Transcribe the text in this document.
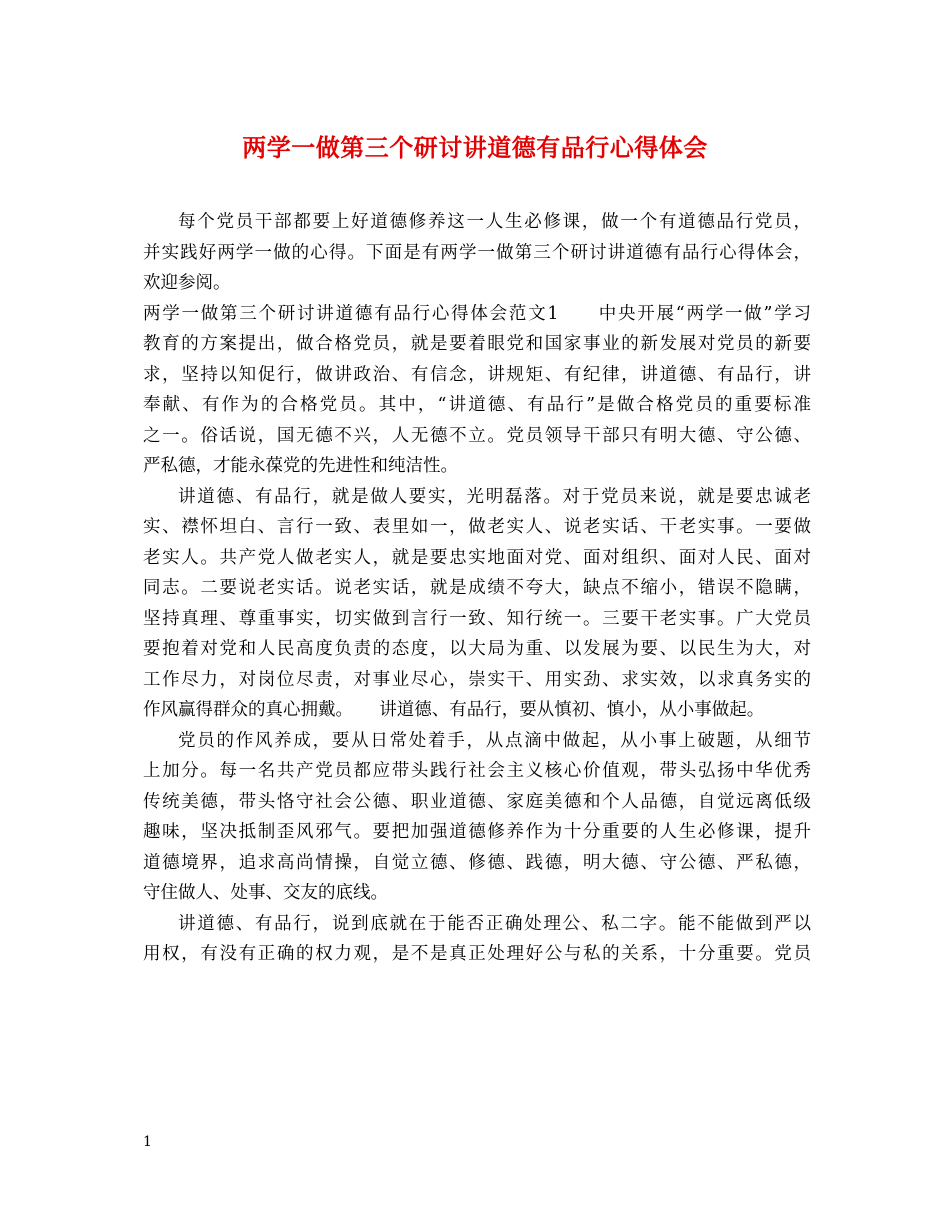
两学一做第三个研讨讲道德有品行心得体会
每个党员干部都要上好道德修养这一人生必修课，做一个有道德品行党员，
并实践好两学一做的心得。下面是有两学一做第三个研讨讲道德有品行心得体会，
欢迎参阅。
两学一做第三个研讨讲道德有品行心得体会范文1　　中央开展“两学一做”学习
教育的方案提出，做合格党员，就是要着眼党和国家事业的新发展对党员的新要
求，坚持以知促行，做讲政治、有信念，讲规矩、有纪律，讲道德、有品行，讲
奉献、有作为的合格党员。其中，“讲道德、有品行”是做合格党员的重要标准
之一。俗话说，国无德不兴，人无德不立。党员领导干部只有明大德、守公德、
严私德，才能永葆党的先进性和纯洁性。
讲道德、有品行，就是做人要实，光明磊落。对于党员来说，就是要忠诚老
实、襟怀坦白、言行一致、表里如一，做老实人、说老实话、干老实事。一要做
老实人。共产党人做老实人，就是要忠实地面对党、面对组织、面对人民、面对
同志。二要说老实话。说老实话，就是成绩不夸大，缺点不缩小，错误不隐瞒，
坚持真理、尊重事实，切实做到言行一致、知行统一。三要干老实事。广大党员
要抱着对党和人民高度负责的态度，以大局为重、以发展为要、以民生为大，对
工作尽力，对岗位尽责，对事业尽心，崇实干、用实劲、求实效，以求真务实的
作风赢得群众的真心拥戴。　　讲道德、有品行，要从慎初、慎小，从小事做起。
党员的作风养成，要从日常处着手，从点滴中做起，从小事上破题，从细节
上加分。每一名共产党员都应带头践行社会主义核心价值观，带头弘扬中华优秀
传统美德，带头恪守社会公德、职业道德、家庭美德和个人品德，自觉远离低级
趣味，坚决抵制歪风邪气。要把加强道德修养作为十分重要的人生必修课，提升
道德境界，追求高尚情操，自觉立德、修德、践德，明大德、守公德、严私德，
守住做人、处事、交友的底线。
讲道德、有品行，说到底就在于能否正确处理公、私二字。能不能做到严以
用权，有没有正确的权力观，是不是真正处理好公与私的关系，十分重要。党员
1
